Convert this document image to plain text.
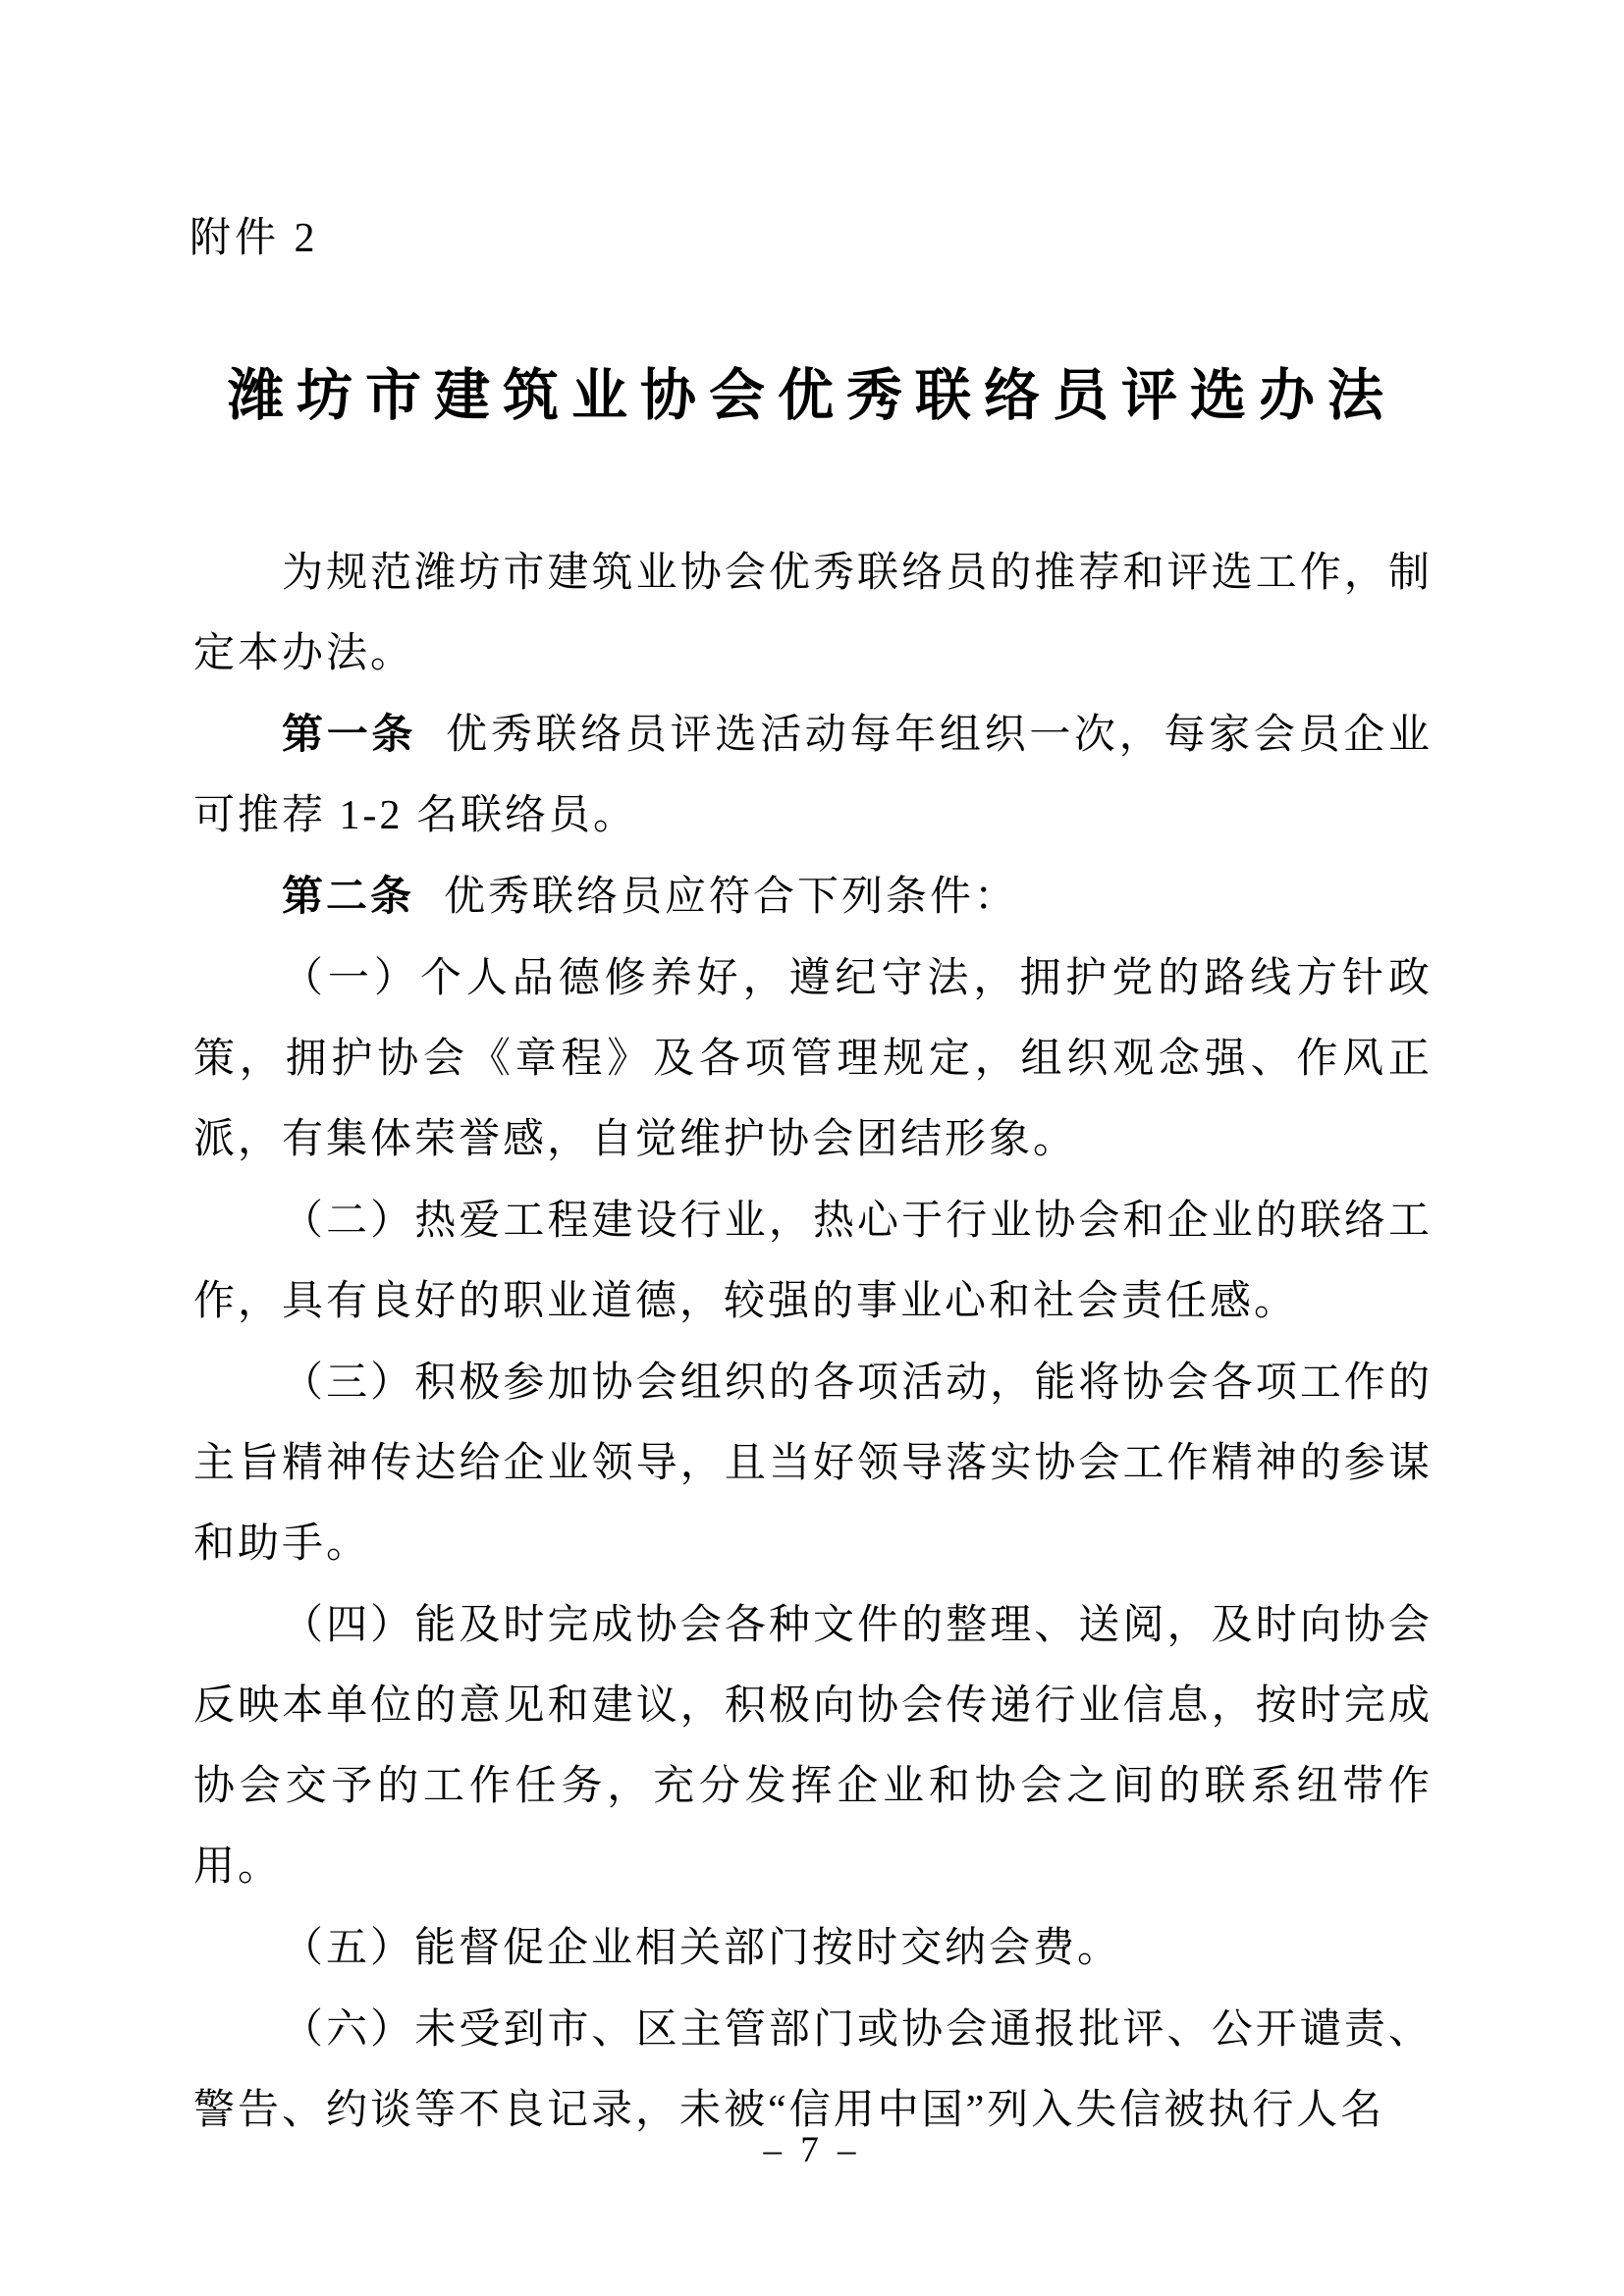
附件 2
潍坊市建筑业协会优秀联络员评选办法

为规范潍坊市建筑业协会优秀联络员的推荐和评选工作，制定本办法。

第一条 优秀联络员评选活动每年组织一次，每家会员企业可推荐 1-2 名联络员。

第二条 优秀联络员应符合下列条件：

（一）个人品德修养好，遵纪守法，拥护党的路线方针政策，拥护协会《章程》及各项管理规定，组织观念强、作风正派，有集体荣誉感，自觉维护协会团结形象。

（二）热爱工程建设行业，热心于行业协会和企业的联络工作，具有良好的职业道德，较强的事业心和社会责任感。

（三）积极参加协会组织的各项活动，能将协会各项工作的主旨精神传达给企业领导，且当好领导落实协会工作精神的参谋和助手。

（四）能及时完成协会各种文件的整理、送阅，及时向协会反映本单位的意见和建议，积极向协会传递行业信息，按时完成协会交予的工作任务，充分发挥企业和协会之间的联系纽带作用。

（五）能督促企业相关部门按时交纳会费。

（六）未受到市、区主管部门或协会通报批评、公开谴责、警告、约谈等不良记录，未被“信用中国”列入失信被执行人名

– 7 –
